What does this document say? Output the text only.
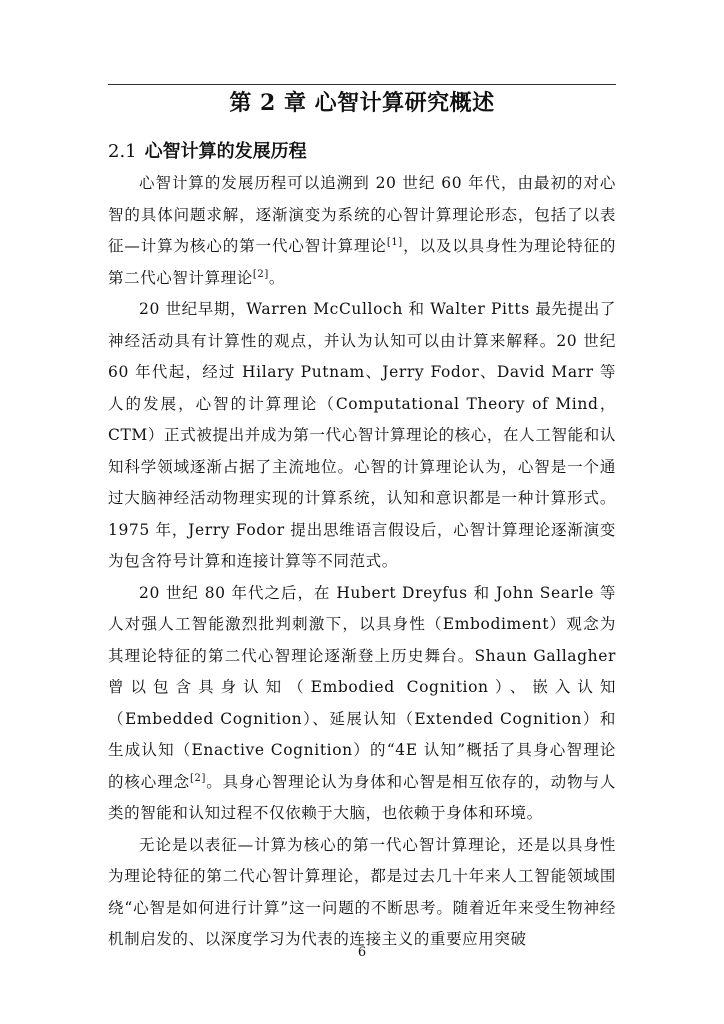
第 2 章 心智计算研究概述
2.1 心智计算的发展历程

心智计算的发展历程可以追溯到 20 世纪 60 年代，由最初的对心智的具体问题求解，逐渐演变为系统的心智计算理论形态，包括了以表征—计算为核心的第一代心智计算理论[1]，以及以具身性为理论特征的第二代心智计算理论[2]。

20 世纪早期，Warren McCulloch 和 Walter Pitts 最先提出了神经活动具有计算性的观点，并认为认知可以由计算来解释。20 世纪 60 年代起，经过 Hilary Putnam、Jerry Fodor、David Marr 等人的发展，心智的计算理论（Computational Theory of Mind，CTM）正式被提出并成为第一代心智计算理论的核心，在人工智能和认知科学领域逐渐占据了主流地位。心智的计算理论认为，心智是一个通过大脑神经活动物理实现的计算系统，认知和意识都是一种计算形式。1975 年，Jerry Fodor 提出思维语言假设后，心智计算理论逐渐演变为包含符号计算和连接计算等不同范式。

20 世纪 80 年代之后，在 Hubert Dreyfus 和 John Searle 等人对强人工智能激烈批判刺激下，以具身性（Embodiment）观念为其理论特征的第二代心智理论逐渐登上历史舞台。Shaun Gallagher 曾以包含具身认知（Embodied Cognition）、嵌入认知（Embedded Cognition）、延展认知（Extended Cognition）和生成认知（Enactive Cognition）的“4E 认知”概括了具身心智理论的核心理念[2]。具身心智理论认为身体和心智是相互依存的，动物与人类的智能和认知过程不仅依赖于大脑，也依赖于身体和环境。

无论是以表征—计算为核心的第一代心智计算理论，还是以具身性为理论特征的第二代心智计算理论，都是过去几十年来人工智能领域围绕“心智是如何进行计算”这一问题的不断思考。随着近年来受生物神经机制启发的、以深度学习为代表的连接主义的重要应用突破

6
